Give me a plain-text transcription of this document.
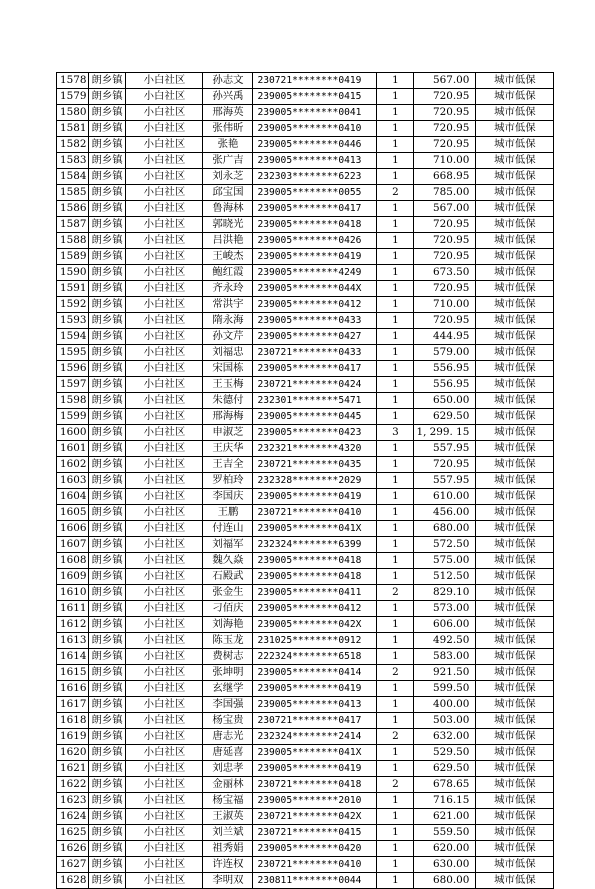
1578	朗乡镇	小白社区	孙志文	230721********0419	1	567.00	城市低保
1579	朗乡镇	小白社区	孙兴禹	239005********0415	1	720.95	城市低保
1580	朗乡镇	小白社区	邢海英	239005********0041	1	720.95	城市低保
1581	朗乡镇	小白社区	张伟昕	239005********0410	1	720.95	城市低保
1582	朗乡镇	小白社区	张艳	239005********0446	1	720.95	城市低保
1583	朗乡镇	小白社区	张广吉	239005********0413	1	710.00	城市低保
1584	朗乡镇	小白社区	刘永芝	232303********6223	1	668.95	城市低保
1585	朗乡镇	小白社区	邱宝国	239005********0055	2	785.00	城市低保
1586	朗乡镇	小白社区	鲁海林	239005********0417	1	567.00	城市低保
1587	朗乡镇	小白社区	郭晓光	239005********0418	1	720.95	城市低保
1588	朗乡镇	小白社区	吕洪艳	239005********0426	1	720.95	城市低保
1589	朗乡镇	小白社区	王峻杰	239005********0419	1	720.95	城市低保
1590	朗乡镇	小白社区	鲍红霞	239005********4249	1	673.50	城市低保
1591	朗乡镇	小白社区	齐永玲	239005********044X	1	720.95	城市低保
1592	朗乡镇	小白社区	常洪宇	239005********0412	1	710.00	城市低保
1593	朗乡镇	小白社区	隋永海	239005********0433	1	720.95	城市低保
1594	朗乡镇	小白社区	孙文芹	239005********0427	1	444.95	城市低保
1595	朗乡镇	小白社区	刘福忠	230721********0433	1	579.00	城市低保
1596	朗乡镇	小白社区	宋国栋	239005********0417	1	556.95	城市低保
1597	朗乡镇	小白社区	王玉梅	230721********0424	1	556.95	城市低保
1598	朗乡镇	小白社区	朱德付	232301********5471	1	650.00	城市低保
1599	朗乡镇	小白社区	邢海梅	239005********0445	1	629.50	城市低保
1600	朗乡镇	小白社区	申淑芝	239005********0423	3	1, 299. 15	城市低保
1601	朗乡镇	小白社区	王庆华	232321********4320	1	557.95	城市低保
1602	朗乡镇	小白社区	王吉全	230721********0435	1	720.95	城市低保
1603	朗乡镇	小白社区	罗柏玲	232328********2029	1	557.95	城市低保
1604	朗乡镇	小白社区	李国庆	239005********0419	1	610.00	城市低保
1605	朗乡镇	小白社区	王鹏	230721********0410	1	456.00	城市低保
1606	朗乡镇	小白社区	付连山	239005********041X	1	680.00	城市低保
1607	朗乡镇	小白社区	刘福军	232324********6399	1	572.50	城市低保
1608	朗乡镇	小白社区	魏久焱	239005********0418	1	575.00	城市低保
1609	朗乡镇	小白社区	石殿武	239005********0418	1	512.50	城市低保
1610	朗乡镇	小白社区	张金生	239005********0411	2	829.10	城市低保
1611	朗乡镇	小白社区	刁佰庆	239005********0412	1	573.00	城市低保
1612	朗乡镇	小白社区	刘海艳	239005********042X	1	606.00	城市低保
1613	朗乡镇	小白社区	陈玉龙	231025********0912	1	492.50	城市低保
1614	朗乡镇	小白社区	费树志	222324********6518	1	583.00	城市低保
1615	朗乡镇	小白社区	张坤明	239005********0414	2	921.50	城市低保
1616	朗乡镇	小白社区	玄继学	239005********0419	1	599.50	城市低保
1617	朗乡镇	小白社区	李国强	239005********0413	1	400.00	城市低保
1618	朗乡镇	小白社区	杨宝贵	230721********0417	1	503.00	城市低保
1619	朗乡镇	小白社区	唐志光	232324********2414	2	632.00	城市低保
1620	朗乡镇	小白社区	唐延喜	239005********041X	1	529.50	城市低保
1621	朗乡镇	小白社区	刘忠孝	239005********0419	1	629.50	城市低保
1622	朗乡镇	小白社区	金丽林	230721********0418	2	678.65	城市低保
1623	朗乡镇	小白社区	杨宝福	239005********2010	1	716.15	城市低保
1624	朗乡镇	小白社区	王淑英	230721********042X	1	621.00	城市低保
1625	朗乡镇	小白社区	刘兰斌	230721********0415	1	559.50	城市低保
1626	朗乡镇	小白社区	祖秀娟	239005********0420	1	620.00	城市低保
1627	朗乡镇	小白社区	许连权	230721********0410	1	630.00	城市低保
1628	朗乡镇	小白社区	李明双	230811********0044	1	680.00	城市低保
